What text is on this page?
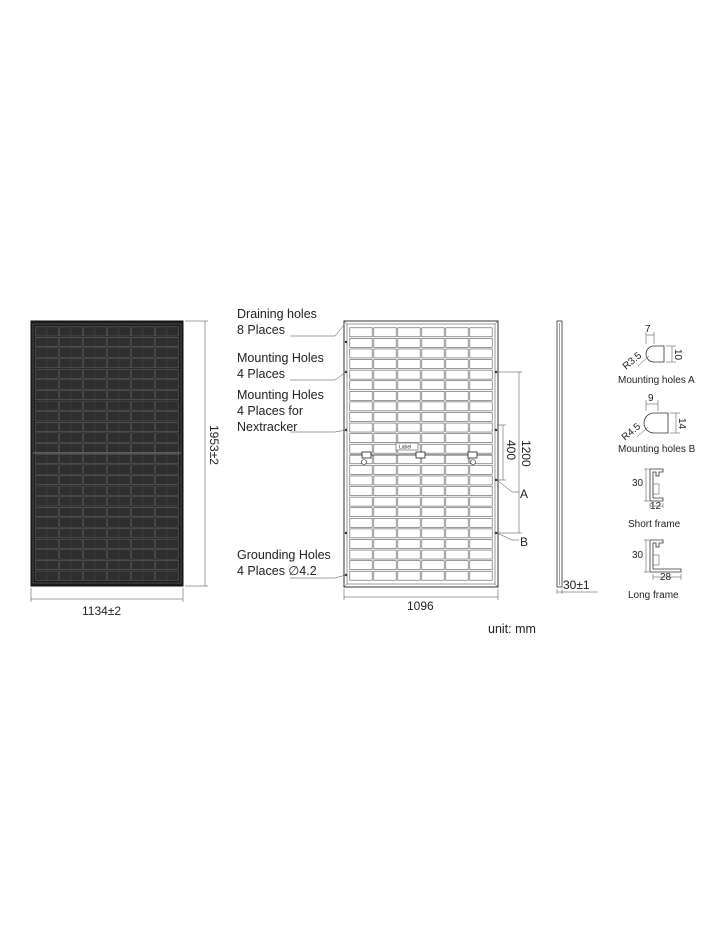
1953±2
1134±2
Label
Draining holes
8 Places
Mounting Holes
4 Places
Mounting Holes
4 Places for
Nextracker
Grounding Holes
4 Places ∅4.2
1200
400
A
B
1096
30±1
7
10
R3.5
Mounting holes A
9
14
R4.5
Mounting holes B
30
12
Short frame
30
28
Long frame
unit: mm
